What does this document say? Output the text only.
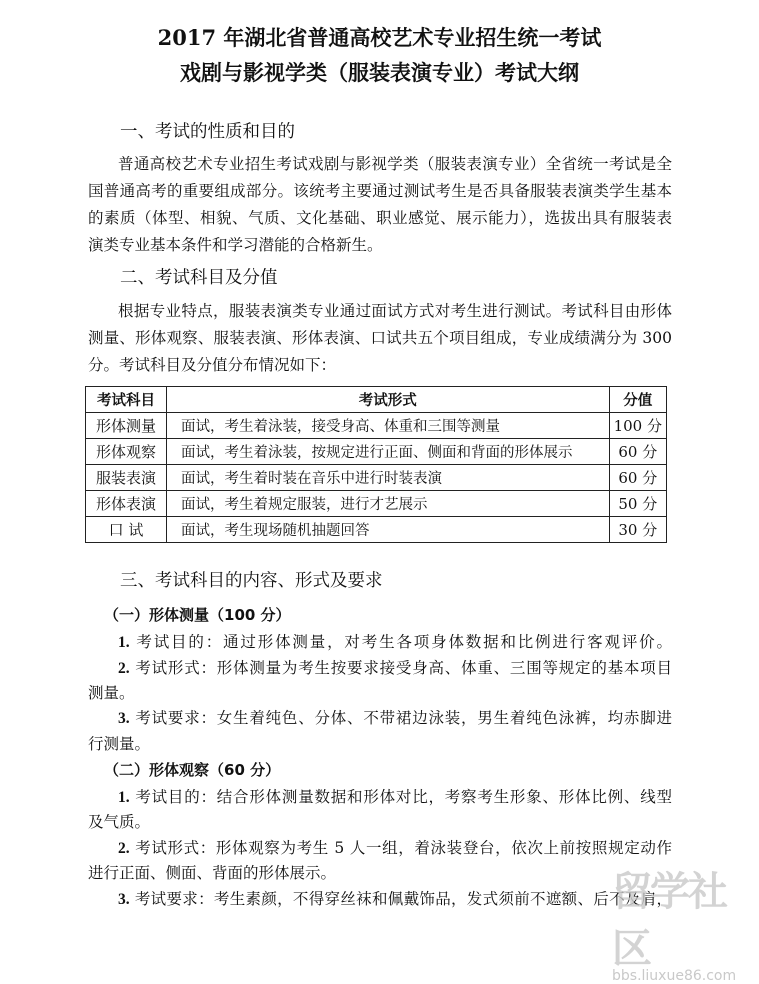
2017 年湖北省普通高校艺术专业招生统一考试
戏剧与影视学类（服装表演专业）考试大纲
一、考试的性质和目的
普通高校艺术专业招生考试戏剧与影视学类（服装表演专业）全省统一考试是全
国普通高考的重要组成部分。该统考主要通过测试考生是否具备服装表演类学生基本
的素质（体型、相貌、气质、文化基础、职业感觉、展示能力），选拔出具有服装表
演类专业基本条件和学习潜能的合格新生。
二、考试科目及分值
根据专业特点，服装表演类专业通过面试方式对考生进行测试。考试科目由形体
测量、形体观察、服装表演、形体表演、口试共五个项目组成，专业成绩满分为 300
分。考试科目及分值分布情况如下：
考试科目	考试形式	分值
形体测量	面试，考生着泳装，接受身高、体重和三围等测量	100 分
形体观察	面试，考生着泳装，按规定进行正面、侧面和背面的形体展示	60 分
服装表演	面试，考生着时装在音乐中进行时装表演	60 分
形体表演	面试，考生着规定服装，进行才艺展示	50 分
口 试	面试，考生现场随机抽题回答	30 分
三、考试科目的内容、形式及要求
（一）形体测量（100 分）
1. 考试目的：通过形体测量，对考生各项身体数据和比例进行客观评价。
2. 考试形式：形体测量为考生按要求接受身高、体重、三围等规定的基本项目
测量。
3. 考试要求：女生着纯色、分体、不带裙边泳装，男生着纯色泳裤，均赤脚进
行测量。
（二）形体观察（60 分）
1. 考试目的：结合形体测量数据和形体对比，考察考生形象、形体比例、线型
及气质。
2. 考试形式：形体观察为考生 5 人一组，着泳装登台，依次上前按照规定动作
进行正面、侧面、背面的形体展示。
3. 考试要求：考生素颜，不得穿丝袜和佩戴饰品，发式须前不遮额、后不及肩，
留学社区
bbs.liuxue86.com
